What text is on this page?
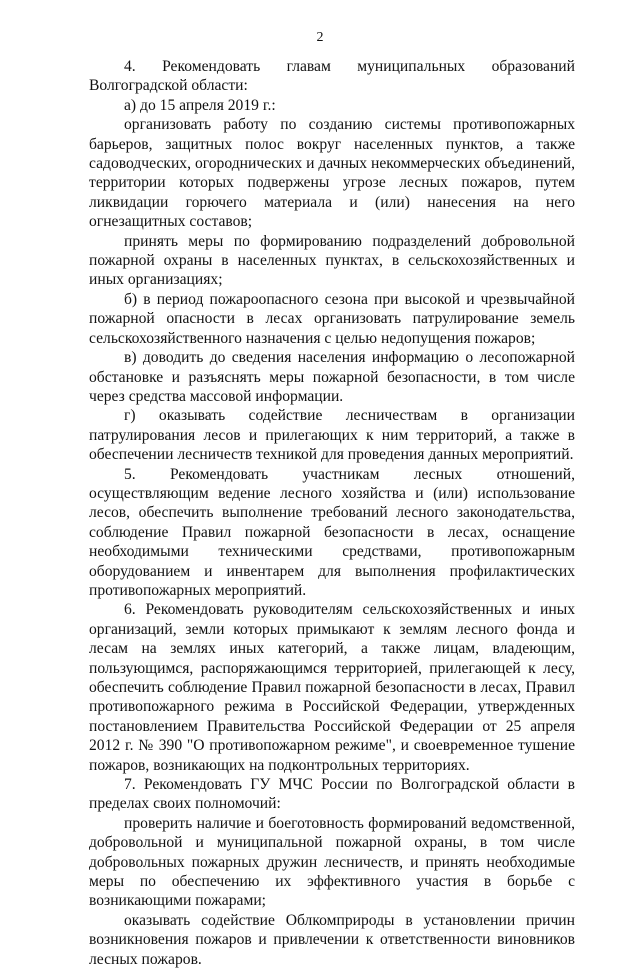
2

4. Рекомендовать главам муниципальных образований Волгоградской области:

а) до 15 апреля 2019 г.:

организовать работу по созданию системы противопожарных барьеров, защитных полос вокруг населенных пунктов, а также садоводческих, огороднических и дачных некоммерческих объединений, территории которых подвержены угрозе лесных пожаров, путем ликвидации горючего материала и (или) нанесения на него огнезащитных составов;

принять меры по формированию подразделений добровольной пожарной охраны в населенных пунктах, в сельскохозяйственных и иных организациях;

б) в период пожароопасного сезона при высокой и чрезвычайной пожарной опасности в лесах организовать патрулирование земель сельскохозяйственного назначения с целью недопущения пожаров;

в) доводить до сведения населения информацию о лесопожарной обстановке и разъяснять меры пожарной безопасности, в том числе через средства массовой информации.

г) оказывать содействие лесничествам в организации патрулирования лесов и прилегающих к ним территорий, а также в обеспечении лесничеств техникой для проведения данных мероприятий.

5. Рекомендовать участникам лесных отношений, осуществляющим ведение лесного хозяйства и (или) использование лесов, обеспечить выполнение требований лесного законодательства, соблюдение Правил пожарной безопасности в лесах, оснащение необходимыми техническими средствами, противопожарным оборудованием и инвентарем для выполнения профилактических противопожарных мероприятий.

6. Рекомендовать руководителям сельскохозяйственных и иных организаций, земли которых примыкают к землям лесного фонда и лесам на землях иных категорий, а также лицам, владеющим, пользующимся, распоряжающимся территорией, прилегающей к лесу, обеспечить соблюдение Правил пожарной безопасности в лесах, Правил противопожарного режима в Российской Федерации, утвержденных постановлением Правительства Российской Федерации от 25 апреля 2012 г. № 390 "О противопожарном режиме", и своевременное тушение пожаров, возникающих на подконтрольных территориях.

7. Рекомендовать ГУ МЧС России по Волгоградской области в пределах своих полномочий:

проверить наличие и боеготовность формирований ведомственной, добровольной и муниципальной пожарной охраны, в том числе добровольных пожарных дружин лесничеств, и принять необходимые меры по обеспечению их эффективного участия в борьбе с возникающими пожарами;

оказывать содействие Облкомприроды в установлении причин возникновения пожаров и привлечении к ответственности виновников лесных пожаров.
